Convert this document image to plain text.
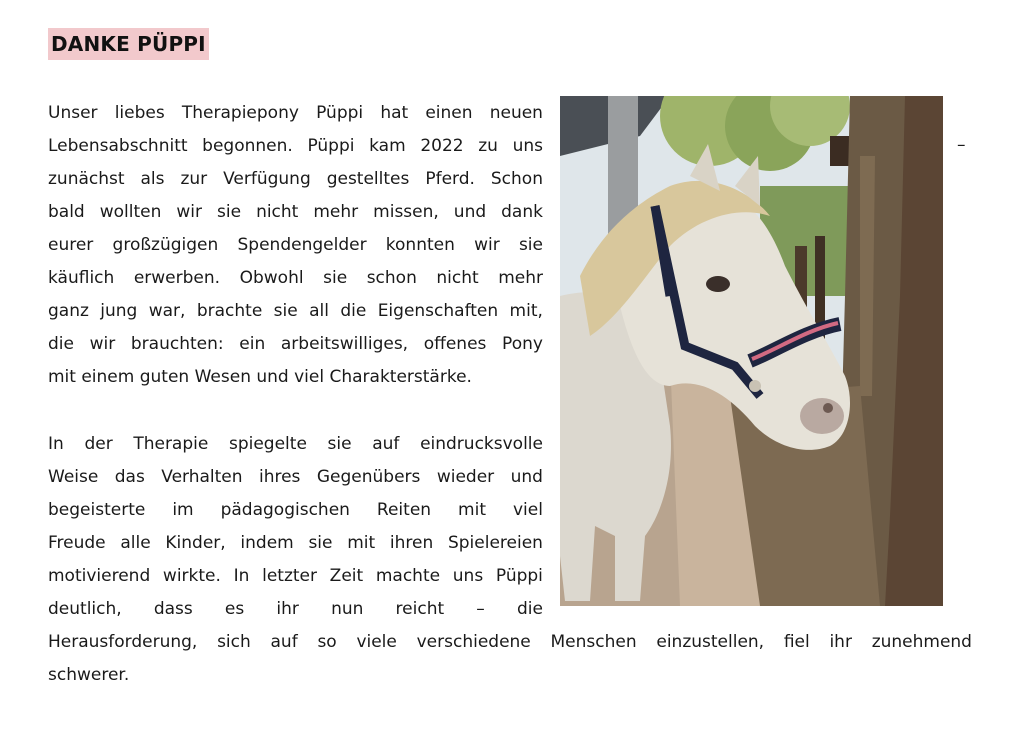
DANKE PÜPPI
Unser liebes Therapiepony Püppi hat einen neuen
Lebensabschnitt begonnen. Püppi kam 2022 zu uns
zunächst als zur Verfügung gestelltes Pferd. Schon
bald wollten wir sie nicht mehr missen, und dank
eurer großzügigen Spendengelder konnten wir sie
käuflich erwerben. Obwohl sie schon nicht mehr
ganz jung war, brachte sie all die Eigenschaften mit,
die wir brauchten: ein arbeitswilliges, offenes Pony
mit einem guten Wesen und viel Charakterstärke.
–
In der Therapie spiegelte sie auf eindrucksvolle
Weise das Verhalten ihres Gegenübers wieder und
begeisterte im pädagogischen Reiten mit viel
Freude alle Kinder, indem sie mit ihren Spielereien
motivierend wirkte. In letzter Zeit machte uns Püppi
deutlich, dass es ihr nun reicht – die
Herausforderung, sich auf so viele verschiedene Menschen einzustellen, fiel ihr zunehmend
schwerer.
